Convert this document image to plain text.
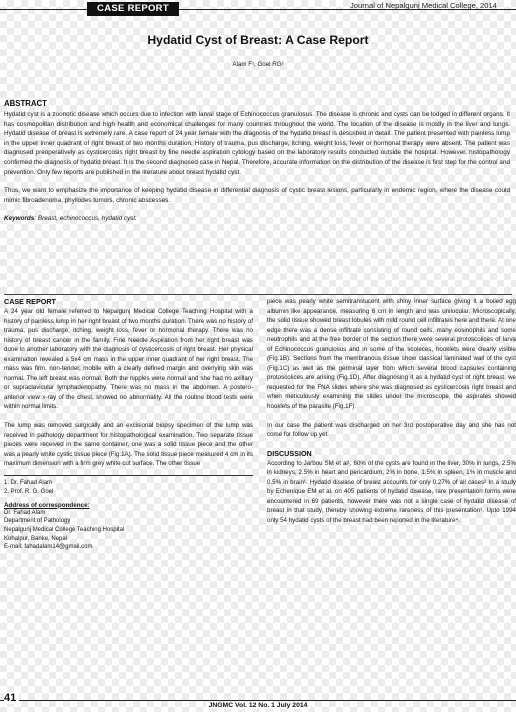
CASE REPORT	Journal of Nepalgunj Medical College, 2014
Hydatid Cyst of Breast: A Case Report
Alam F¹, Goel RG²
ABSTRACT
Hydatid cyst is a zoonotic disease which occurs due to infection with larval stage of Echinococcus granulosus. The disease is chronic and cysts can be lodged in different organs. It has cosmopolitan distribution and high health and economical challenges for many countries throughout the world. The location of the disease is mostly in the liver and lungs. Hydatid disease of breast is extremely rare. A case report of 24 year female with the diagnosis of the hydatid breast is described in detail. The patient presented with painless lump in the upper inner quadrant of right breast of two months duration. History of trauma, pus discharge, itching, weight loss, fever or hormonal therapy were absent. The patient was diagnosed preoperatively as cysticercosis right breast by fine needle aspiration cytology based on the laboratory results conducted outside the hospital. However, histopathology confirmed the diagnosis of hydatid breast. It is the second diagnosed case in Nepal. Therefore, accurate information on the distribution of the disease is first step for the control and prevention. Only few reports are published in the literature about breast hydatid cyst.
Thus, we want to emphasize the importance of keeping hydatid disease in differential diagnosis of cystic breast lesions, particularly in endemic region, where the disease could mimic fibroadenoma, phyllodes tumors, chronic abscesses.
Keywords: Breast, echinococcus, hydatid cyst.
CASE REPORT
A 24 year old female referred to Nepalgunj Medical College Teaching Hospital with a history of painless lump in her right breast of two months duration. There was no history of trauma, pus discharge, itching, weight loss, fever or hormonal therapy. There was no history of breast cancer in the family. Fine Needle Aspiration from her right breast was done in another laboratory with the diagnosis of cysticercosis of right breast. Her physical examination revealed a 5x4 cm mass in the upper inner quadrant of her right breast. The mass was firm, non-tender, mobile with a clearly defined margin and overlying skin was normal. The left breast was normal. Both the nipples were normal and she had no axillary or supraclavicular lymphadenopathy. There was no mass in the abdomen. A postero-anterior view x-ray of the chest, showed no abnormality. All the routine blood tests were within normal limits.
The lump was removed surgically and an excisional biopsy specimen of the lump was received in pathology department for histopathological examination. Two separate tissue pieces were received in the same container, one was a solid tissue piece and the other was a pearly white cystic tissue piece (Fig.1A). The solid tissue piece measured 4 cm in its maximum dimension with a firm grey white cut surface. The other tissue
1. Dr. Fahad Alam
2. Prof. R. G. Goel
Address of correspondence:
Dr. Fahad Alam
Department of Pathology
Nepalgunj Medical College Teaching Hospital
Kohalpur, Banke, Nepal
E-mail: fahadalam14@gmail.com
piece was pearly white semitranslucent with shiny inner surface giving it a boiled egg albumin like appearance, measuring 6 cm in length and was unilocular. Microscopically, the solid tissue showed breast lobules with mild round cell infiltrates here and there. At one edge there was a dense infiltrate consisting of round cells, many eosinophils and some neutrophils and at the free border of the section there were several protoscolices of larva of Echinococcus granulosus and in some of the scoleces, hooklets were clearly visible (Fig.1B). Sections from the membranous tissue show classical laminated wall of the cyst (Fig.1C) as well as the germinal layer from which several brood capsules containing protoscolices are arising (Fig.1D). After diagnosing it as a hydatid cyst of right breast, we requested for the FNA slides where she was diagnosed as cysticercosis right breast and when meticulously examining the slides under the microscope, the aspirates showed hooklets of the parasite (Fig.1F).
In our case the patient was discharged on her 3rd postoperative day and she has not come for follow up yet.
DISCUSSION
According to Jarbou SM et al¹, 60% of the cysts are found in the liver, 30% in lungs, 2.5% in kidneys, 2.5% in heart and pericardium, 2% in bone, 1.5% in spleen, 1% in muscle and 0.5% in brain¹. Hydatid disease of breast accounts for only 0.27% of all cases² In a study by Echenique EM et al. on 405 patients of hydatid disease, rare presentation forms were encountered in 69 patients, however there was not a single case of hydatid disease of breast in that study, thereby showing extreme rareness of this presentation³. Upto 1994 only 54 hydatid cysts of the breast had been reported in the literature⁴.
41
JNGMC Vol. 12 No. 1 July 2014
